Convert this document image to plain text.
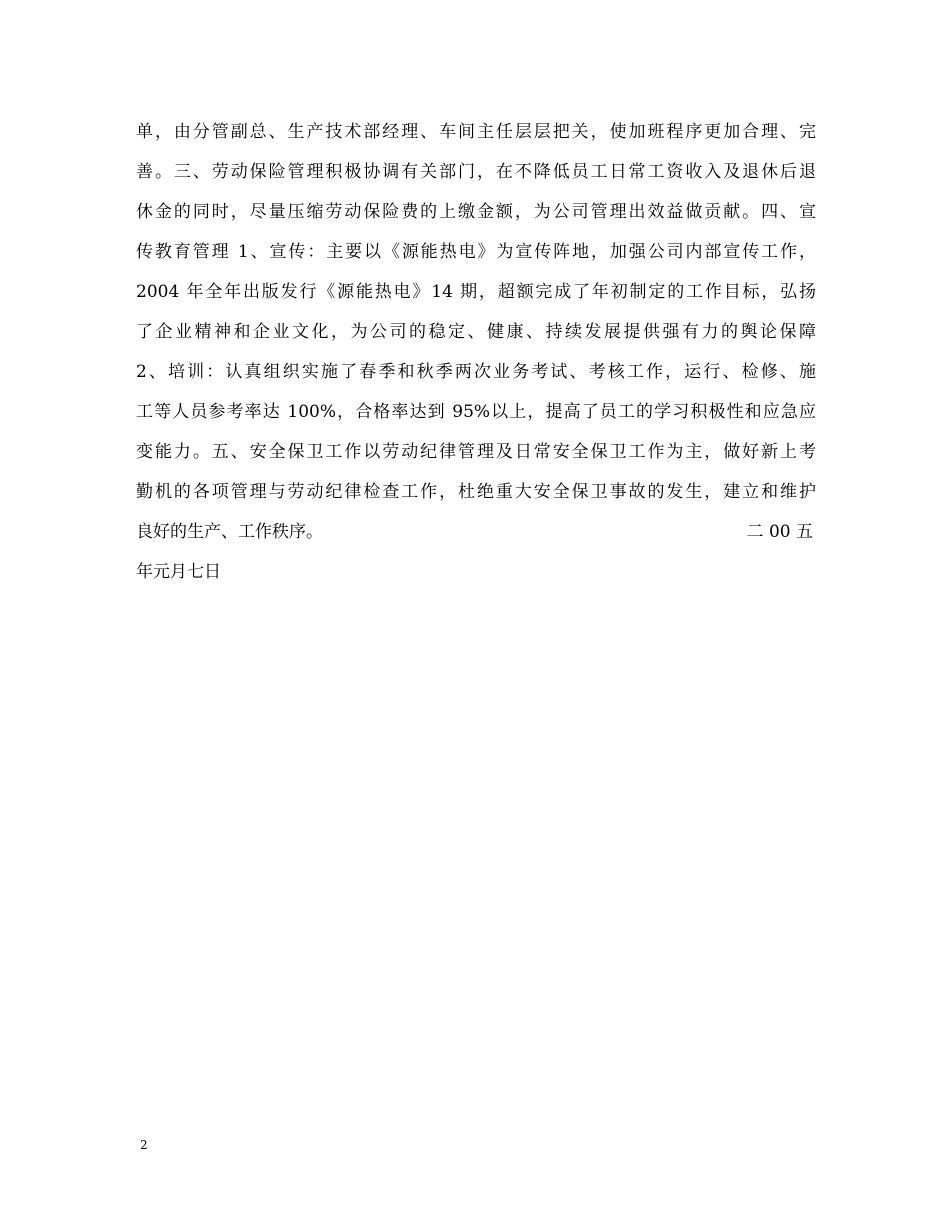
单，由分管副总、生产技术部经理、车间主任层层把关，使加班程序更加合理、完
善。三、劳动保险管理积极协调有关部门，在不降低员工日常工资收入及退休后退
休金的同时，尽量压缩劳动保险费的上缴金额，为公司管理出效益做贡献。四、宣
传教育管理 1、宣传：主要以《源能热电》为宣传阵地，加强公司内部宣传工作，
2004 年全年出版发行《源能热电》14 期，超额完成了年初制定的工作目标，弘扬
了企业精神和企业文化，为公司的稳定、健康、持续发展提供强有力的舆论保障
2、培训：认真组织实施了春季和秋季两次业务考试、考核工作，运行、检修、施
工等人员参考率达 100%，合格率达到 95%以上，提高了员工的学习积极性和应急应
变能力。五、安全保卫工作以劳动纪律管理及日常安全保卫工作为主，做好新上考
勤机的各项管理与劳动纪律检查工作，杜绝重大安全保卫事故的发生，建立和维护
良好的生产、工作秩序。	二 00 五
年元月七日
2
